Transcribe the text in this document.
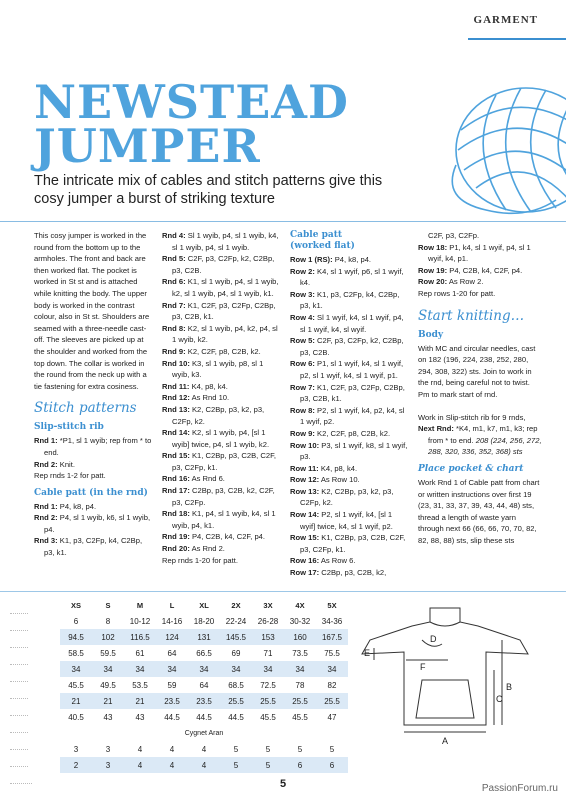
GARMENT
NEWSTEAD
JUMPER
The intricate mix of cables and stitch patterns give this cosy jumper a burst of striking texture

This cosy jumper is worked in the round from the bottom up to the armholes. The front and back are then worked flat. The pocket is worked in St st and is attached while knitting the body. The upper body is worked in the contrast colour, also in St st. Shoulders are seamed with a three-needle cast-off. The sleeves are picked up at the shoulder and worked from the top down. The collar is worked in the round from the neck up with a tie fastening for extra cosiness.

Stitch patterns
Slip-stitch rib

Rnd 1: *P1, sl 1 wyib; rep from * to end.

Rnd 2: Knit.

Rep rnds 1-2 for patt.

Cable patt (in the rnd)

Rnd 1: P4, k8, p4.

Rnd 2: P4, sl 1 wyib, k6, sl 1 wyib, p4.

Rnd 3: K1, p3, C2Fp, k4, C2Bp, p3, k1.

Rnd 4: Sl 1 wyib, p4, sl 1 wyib, k4, sl 1 wyib, p4, sl 1 wyib.

Rnd 5: C2F, p3, C2Fp, k2, C2Bp, p3, C2B.

Rnd 6: K1, sl 1 wyib, p4, sl 1 wyib, k2, sl 1 wyib, p4, sl 1 wyib, k1.

Rnd 7: K1, C2F, p3, C2Fp, C2Bp, p3, C2B, k1.

Rnd 8: K2, sl 1 wyib, p4, k2, p4, sl 1 wyib, k2.

Rnd 9: K2, C2F, p8, C2B, k2.

Rnd 10: K3, sl 1 wyib, p8, sl 1 wyib, k3.

Rnd 11: K4, p8, k4.

Rnd 12: As Rnd 10.

Rnd 13: K2, C2Bp, p3, k2, p3, C2Fp, k2.

Rnd 14: K2, sl 1 wyib, p4, [sl 1 wyib] twice, p4, sl 1 wyib, k2.

Rnd 15: K1, C2Bp, p3, C2B, C2F, p3, C2Fp, k1.

Rnd 16: As Rnd 6.

Rnd 17: C2Bp, p3, C2B, k2, C2F, p3, C2Fp.

Rnd 18: K1, p4, sl 1 wyib, k4, sl 1 wyib, p4, k1.

Rnd 19: P4, C2B, k4, C2F, p4.

Rnd 20: As Rnd 2.

Rep rnds 1-20 for patt.

Cable patt
(worked flat)

Row 1 (RS): P4, k8, p4.

Row 2: K4, sl 1 wyif, p6, sl 1 wyif, k4.

Row 3: K1, p3, C2Fp, k4, C2Bp, p3, k1.

Row 4: Sl 1 wyif, k4, sl 1 wyif, p4, sl 1 wyif, k4, sl wyif.

Row 5: C2F, p3, C2Fp, k2, C2Bp, p3, C2B.

Row 6: P1, sl 1 wyif, k4, sl 1 wyif, p2, sl 1 wyif, k4, sl 1 wyif, p1.

Row 7: K1, C2F, p3, C2Fp, C2Bp, p3, C2B, k1.

Row 8: P2, sl 1 wyif, k4, p2, k4, sl 1 wyif, p2.

Row 9: K2, C2F, p8, C2B, k2.

Row 10: P3, sl 1 wyif, k8, sl 1 wyif, p3.

Row 11: K4, p8, k4.

Row 12: As Row 10.

Row 13: K2, C2Bp, p3, k2, p3, C2Fp, k2.

Row 14: P2, sl 1 wyif, k4, [sl 1 wyif] twice, k4, sl 1 wyif, p2.

Row 15: K1, C2Bp, p3, C2B, C2F, p3, C2Fp, k1.

Row 16: As Row 6.

Row 17: C2Bp, p3, C2B, k2,

C2F, p3, C2Fp.

Row 18: P1, k4, sl 1 wyif, p4, sl 1 wyif, k4, p1.

Row 19: P4, C2B, k4, C2F, p4.

Row 20: As Row 2.

Rep rows 1-20 for patt.

Start knitting…
Body

With MC and circular needles, cast on 182 (196, 224, 238, 252, 280, 294, 308, 322) sts. Join to work in the rnd, being careful not to twist. Pm to mark start of rnd.

Work in Slip-stitch rib for 9 rnds,

Next Rnd: *K4, m1, k7, m1, k3; rep from * to end. 208 (224, 256, 272, 288, 320, 336, 352, 368) sts

Place pocket & chart

Work Rnd 1 of Cable patt from chart or written instructions over first 19 (23, 31, 33, 37, 39, 43, 44, 48) sts, thread a length of waste yarn through next 66 (66, 66, 70, 70, 82, 82, 88, 88) sts, slip these sts

	XS	S	M	L	XL	2X	3X	4X	5X
	6	8	10-12	14-16	18-20	22-24	26-28	30-32	34-36
	94.5	102	116.5	124	131	145.5	153	160	167.5
	58.5	59.5	61	64	66.5	69	71	73.5	75.5
	34	34	34	34	34	34	34	34	34
	45.5	49.5	53.5	59	64	68.5	72.5	78	82
	21	21	21	23.5	23.5	25.5	25.5	25.5	25.5
	40.5	43	43	44.5	44.5	44.5	45.5	45.5	47
	Cygnet Aran								
	3	3	4	4	4	5	5	5	5
	2	3	4	4	4	5	5	6	6
A
B
C
D
E
F
5	PassionForum.ru
